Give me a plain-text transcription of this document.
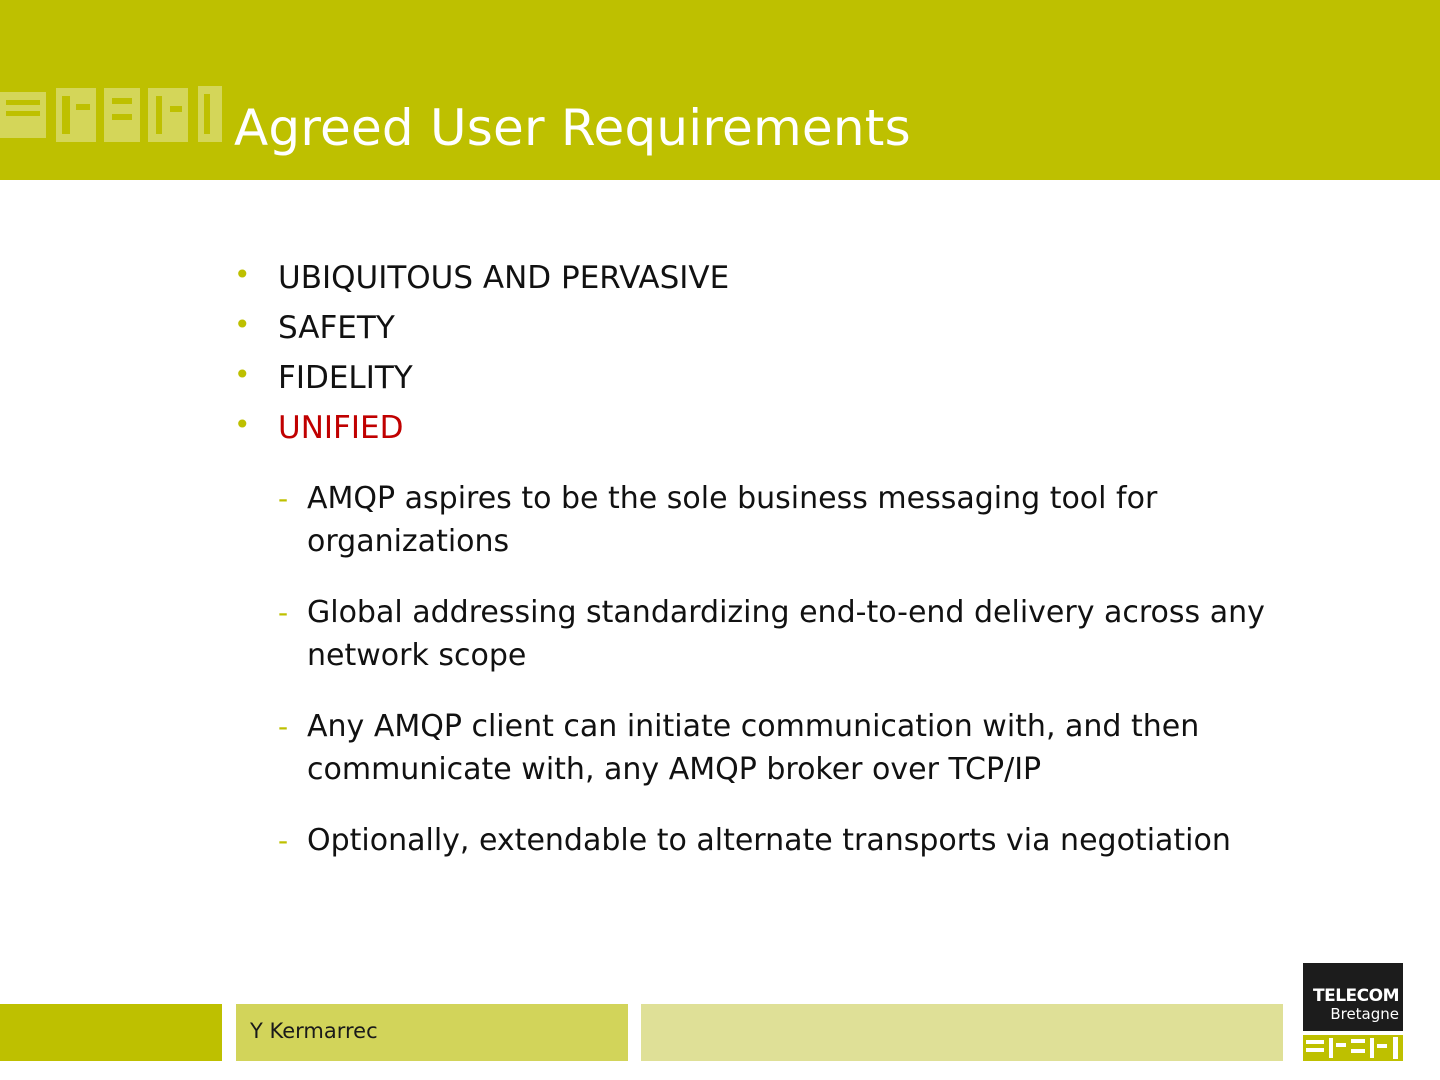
Agreed User Requirements
• UBIQUITOUS AND PERVASIVE
• SAFETY
• FIDELITY
• UNIFIED
- AMQP aspires to be the sole business messaging tool for organizations
- Global addressing standardizing end-to-end delivery across any network scope
- Any AMQP client can initiate communication with, and then communicate with, any AMQP broker over TCP/IP
- Optionally, extendable to alternate transports via negotiation
Y Kermarrec
TELECOM
Bretagne
